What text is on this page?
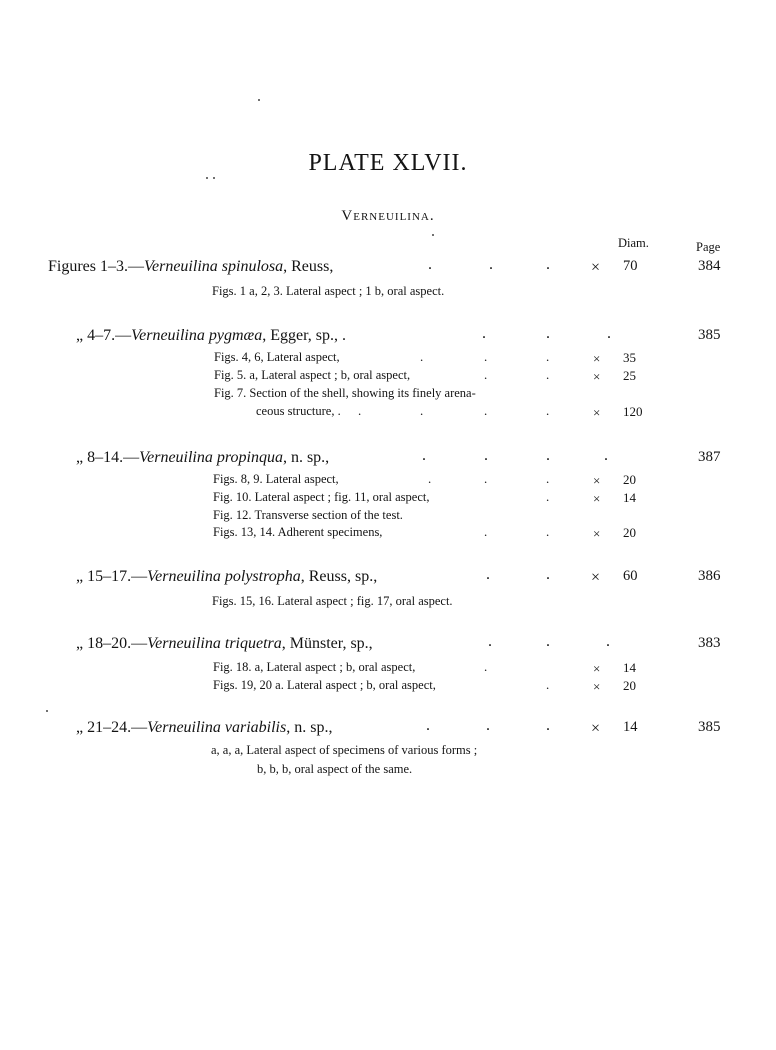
PLATE XLVII.
Verneuilina.
Diam.	Page
Figures 1–3.—Verneuilina spinulosa, Reuss,	.	.	.	× 70	384
Figs. 1 a, 2, 3. Lateral aspect ; 1 b, oral aspect.
„ 4–7.—Verneuilina pygmæa, Egger, sp., .	.	.	.	385
Figs. 4, 6, Lateral aspect,	.	.	.	× 35
Fig. 5. a, Lateral aspect ; b, oral aspect,	.	.	× 25
Fig. 7. Section of the shell, showing its finely arena-
ceous structure, . .	.	.	.	× 120
„ 8–14.—Verneuilina propinqua, n. sp.,	.	.	.	.	387
Figs. 8, 9. Lateral aspect,	.	.	.	× 20
Fig. 10. Lateral aspect ; fig. 11, oral aspect,	.	× 14
Fig. 12. Transverse section of the test.
Figs. 13, 14. Adherent specimens,	.	.	× 20
„ 15–17.—Verneuilina polystropha, Reuss, sp.,	.	.	× 60	386
Figs. 15, 16. Lateral aspect ; fig. 17, oral aspect.
„ 18–20.—Verneuilina triquetra, Münster, sp.,	.	.	.	383
Fig. 18. a, Lateral aspect ; b, oral aspect,	.	× 14
Figs. 19, 20 a. Lateral aspect ; b, oral aspect,	.	× 20
„ 21–24.—Verneuilina variabilis, n. sp.,	.	.	.	× 14	385
a, a, a, Lateral aspect of specimens of various forms ;
b, b, b, oral aspect of the same.
